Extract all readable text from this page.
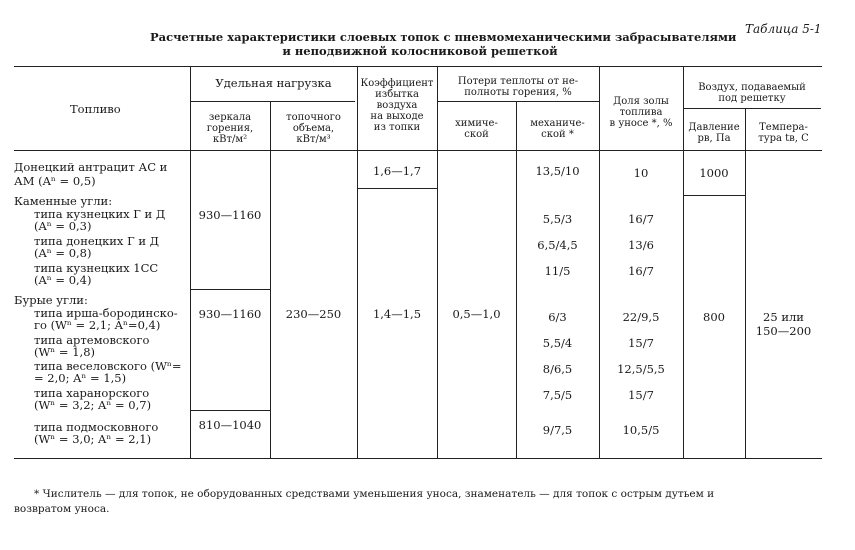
Таблица 5-1
Расчетные характеристики слоевых топок с пневмомеханическими забрасывателями
и неподвижной колосниковой решеткой
Топливо
Удельная нагрузка
зеркала
горения,
кВт/м²
топочного
объема,
кВт/м³
Коэффициент
избытка
воздуха
на выходе
из топки
Потери теплоты от не-
полноты горения, %
химиче-
ской
механиче-
ской *
Доля золы
топлива
в уносе *, %
Воздух, подаваемый
под решетку
Давление
pв, Па
Темпера-
тура tв, С
Донецкий антрацит АС и
АМ (Aⁿ = 0,5)
Каменные угли:
типа кузнецких Г и Д
(Aⁿ = 0,3)
типа донецких Г и Д
(Aⁿ = 0,8)
типа кузнецких 1СС
(Aⁿ = 0,4)
Бурые угли:
типа ирша-бородинско-
го (Wⁿ = 2,1; Aⁿ=0,4)
типа артемовского
(Wⁿ = 1,8)
типа веселовского (Wⁿ=
= 2,0; Aⁿ = 1,5)
типа харанорского
(Wⁿ = 3,2; Aⁿ = 0,7)
типа подмосковного
(Wⁿ = 3,0; Aⁿ = 2,1)
930—1160
930—1160
810—1040
230—250
1,6—1,7
1,4—1,5	0,5—1,0
13,5/10
5,5/3
6,5/4,5
11/5
6/3
5,5/4
8/6,5
7,5/5
9/7,5
10
16/7
13/6
16/7
22/9,5
15/7
12,5/5,5
15/7
10,5/5
1000
800	25 или
150—200
* Числитель — для топок, не оборудованных средствами уменьшения уноса, знаменатель — для топок с острым дутьем и
возвратом уноса.
